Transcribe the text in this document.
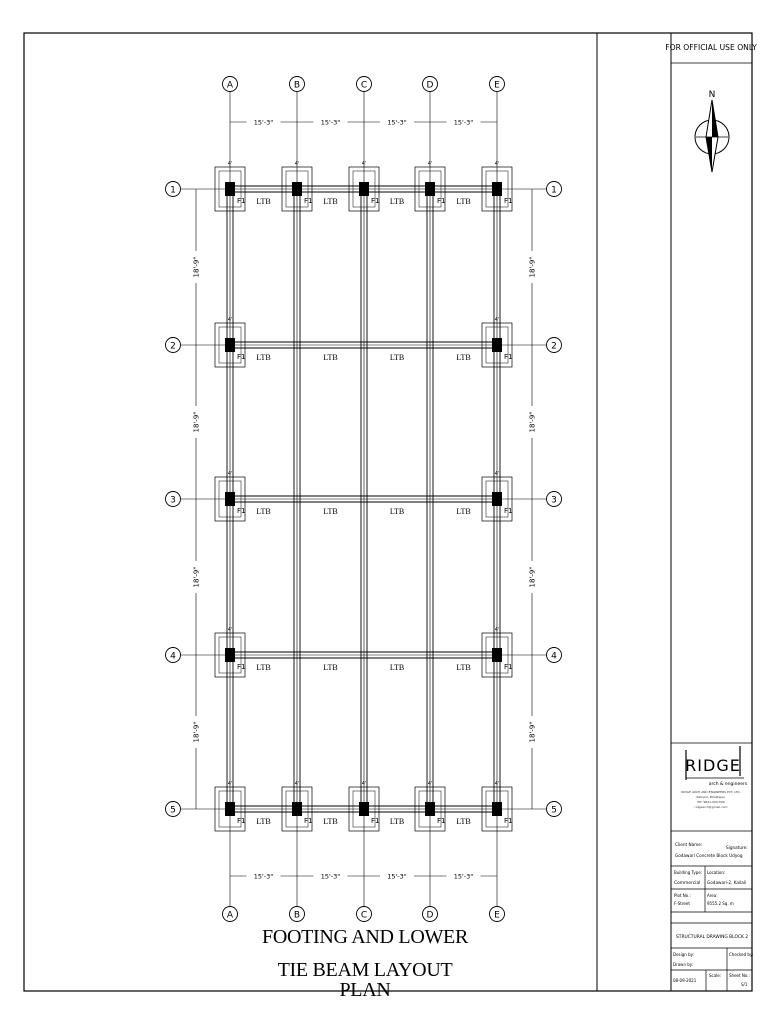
FOR OFFICIAL USE ONLY
N
RIDGE
arch & engineers
RIDGE ARCH AND ENGINEERS PVT. LTD.
Ratopul, Bhaktapur
PH: 9841-000-000
ridgearch@gmail.com
Client Name:
Signature:
Godawari Concrete Block Udyog
Building Type:
Commercial
Location:
Godawari-2, Kailali
Plot No.:
F-Street
Area:
9555.2 Sq. m
STRUCTURAL DRAWING BLOCK 2
Design by:	Checked by:
Drawn by:
08-09-2021
Scale: Sheet No.:
S/1
LTB	LTB	LTB	LTB
LTB	LTB	LTB	LTB
LTB	LTB	LTB	LTB
LTB	LTB	LTB	LTB
LTB	LTB	LTB	LTB
F1
4'
F1
4'
F1
4'
F1
4'
F1
4'
F1
4'
F1
4'
F1
4'
F1
4'
F1
4'
F1
4'
F1
4'
F1
4'
F1
4'
F1
4'
F1
4'
A
A
B
B
C
C
D
D
E
E
1	1
2	2
3	3
4	4
5	5
15'-3"	15'-3"	15'-3"	15'-3"
15'-3"	15'-3"	15'-3"	15'-3"
18'-9"
18'-9"
18'-9"
18'-9"
18'-9"
18'-9"
18'-9"
18'-9"
FOOTING AND LOWER
TIE BEAM LAYOUT PLAN
